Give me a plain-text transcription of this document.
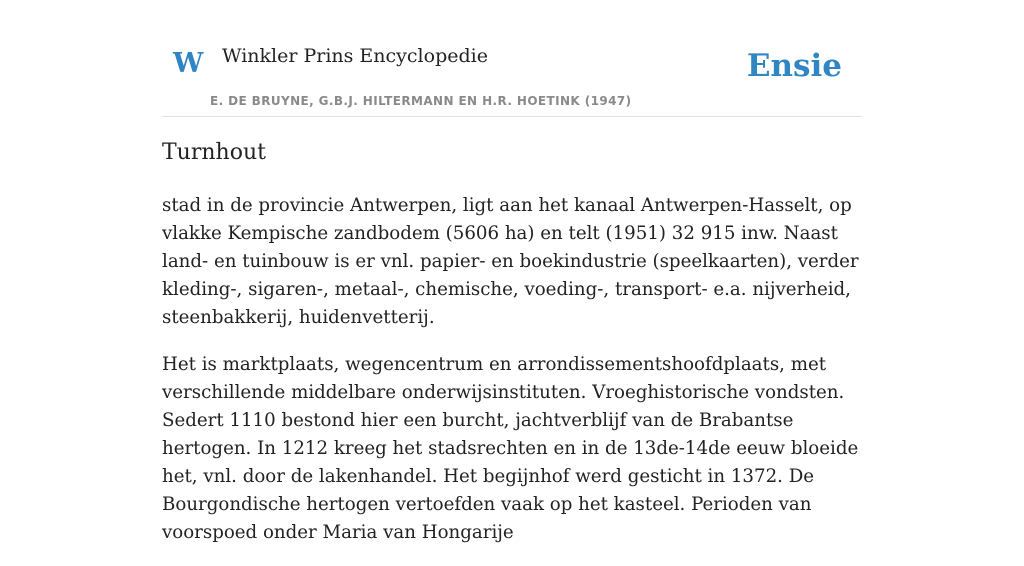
W Winkler Prins Encyclopedie
E. DE BRUYNE, G.B.J. HILTERMANN EN H.R. HOETINK (1947)
Ensie
Turnhout

stad in de provincie Antwerpen, ligt aan het kanaal Antwerpen-Hasselt, op vlakke Kempische zandbodem (5606 ha) en telt (1951) 32 915 inw. Naast land- en tuinbouw is er vnl. papier- en boekindustrie (speelkaarten), verder kleding-, sigaren-, metaal-, chemische, voeding-, transport- e.a. nijverheid, steenbakkerij, huidenvetterij.

Het is marktplaats, wegencentrum en arrondissementshoofdplaats, met verschillende middelbare onderwijsinstituten. Vroeghistorische vondsten. Sedert 1110 bestond hier een burcht, jachtverblijf van de Brabantse hertogen. In 1212 kreeg het stadsrechten en in de 13de-14de eeuw bloeide het, vnl. door de lakenhandel. Het begijnhof werd gesticht in 1372. De Bourgondische hertogen vertoefden vaak op het kasteel. Perioden van voorspoed onder Maria van Hongarije
